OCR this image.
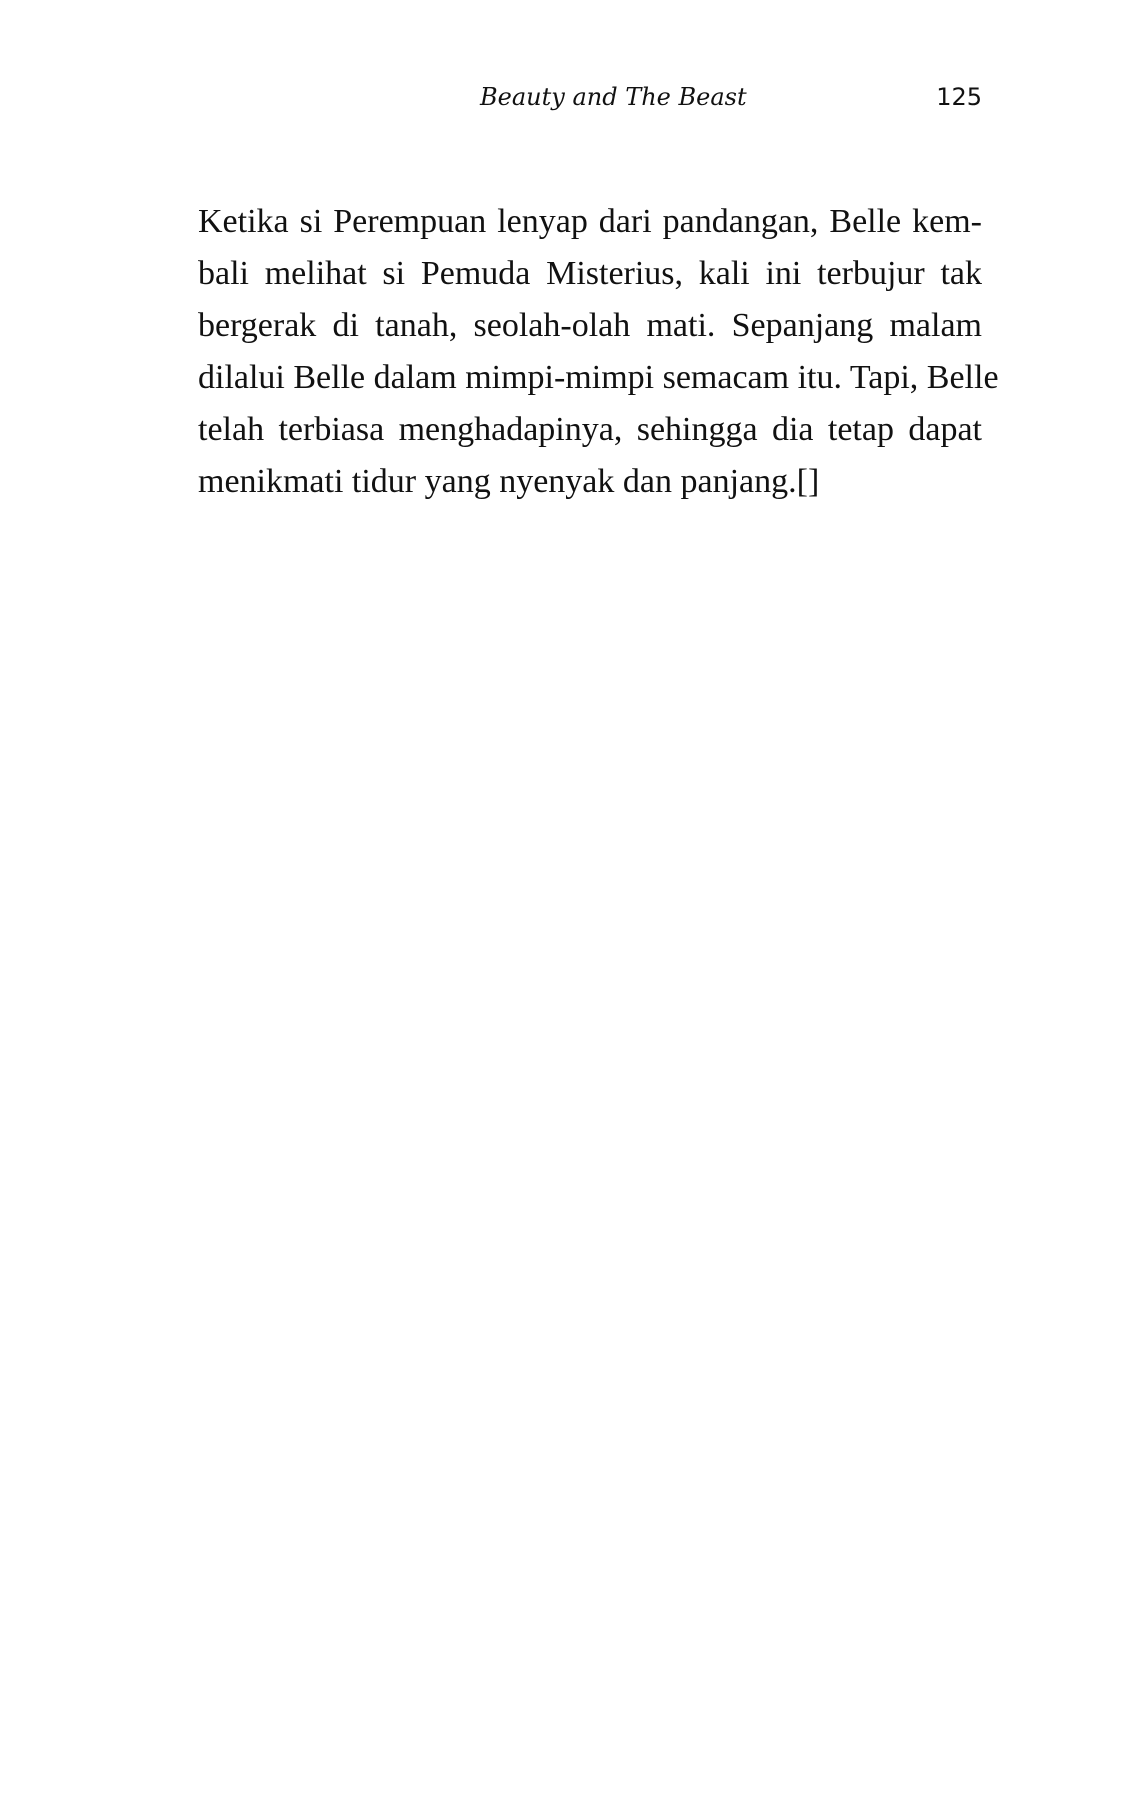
Beauty and The Beast	125
Ketika si Perempuan lenyap dari pandangan, Belle kem-
bali melihat si Pemuda Misterius, kali ini terbujur tak
bergerak di tanah, seolah-olah mati. Sepanjang malam
dilalui Belle dalam mimpi-mimpi semacam itu. Tapi, Belle
telah terbiasa menghadapinya, sehingga dia tetap dapat
menikmati tidur yang nyenyak dan panjang.[]
